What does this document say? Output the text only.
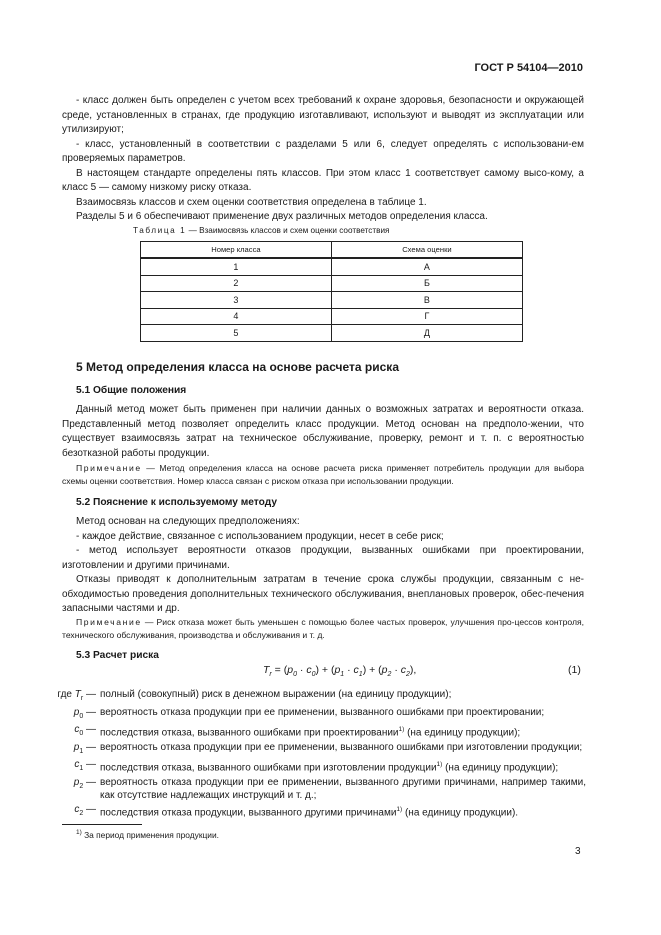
ГОСТ Р 54104—2010

- класс должен быть определен с учетом всех требований к охране здоровья, безопасности и окружающей среде, установленных в странах, где продукцию изготавливают, используют и выводят из эксплуатации или утилизируют;

- класс, установленный в соответствии с разделами 5 или 6, следует определять с использовани-ем проверяемых параметров.

В настоящем стандарте определены пять классов. При этом класс 1 соответствует самому высо-кому, а класс 5 — самому низкому риску отказа.

Взаимосвязь классов и схем оценки соответствия определена в таблице 1.

Разделы 5 и 6 обеспечивают применение двух различных методов определения класса.

Таблица 1 — Взаимосвязь классов и схем оценки соответствия
Номер класса	Схема оценки
1	А
2	Б
3	В
4	Г
5	Д
5 Метод определения класса на основе расчета риска
5.1 Общие положения

Данный метод может быть применен при наличии данных о возможных затратах и вероятности отказа. Представленный метод позволяет определить класс продукции. Метод основан на предполо-жении, что существует взаимосвязь затрат на техническое обслуживание, проверку, ремонт и т. п. с вероятностью безотказной работы продукции.

Примечание — Метод определения класса на основе расчета риска применяет потребитель продукции для выбора схемы оценки соответствия. Номер класса связан с риском отказа при использовании продукции.

5.2 Пояснение к используемому методу

Метод основан на следующих предположениях:

- каждое действие, связанное с использованием продукции, несет в себе риск;

- метод использует вероятности отказов продукции, вызванных ошибками при проектировании, изготовлении и другими причинами.

Отказы приводят к дополнительным затратам в течение срока службы продукции, связанным с не-обходимостью проведения дополнительных технического обслуживания, внеплановых проверок, обес-печения запасными частями и др.

Примечание — Риск отказа может быть уменьшен с помощью более частых проверок, улучшения про-цессов контроля, технического обслуживания, производства и обслуживания и т. д.

5.3 Расчет риска
$T_r = (p_0 \cdot c_0) + (p_1 \cdot c_1) + (p_2 \cdot c_2)$,	(1)
где $T_r$ — полный (совокупный) риск в денежном выражении (на единицу продукции);
$p_0$ — вероятность отказа продукции при ее применении, вызванного ошибками при проектировании;
$c_0$ — последствия отказа, вызванного ошибками при проектировании$^{1)}$ (на единицу продукции);
$p_1$ — вероятность отказа продукции при ее применении, вызванного ошибками при изготовлении продукции;
$c_1$ — последствия отказа, вызванного ошибками при изготовлении продукции$^{1)}$ (на единицу продукции);
$p_2$ — вероятность отказа продукции при ее применении, вызванного другими причинами, например такими, как отсутствие надлежащих инструкций и т. д.;
$c_2$ — последствия отказа продукции, вызванного другими причинами$^{1)}$ (на единицу продукции).
$^{1)}$ За период применения продукции.
3
